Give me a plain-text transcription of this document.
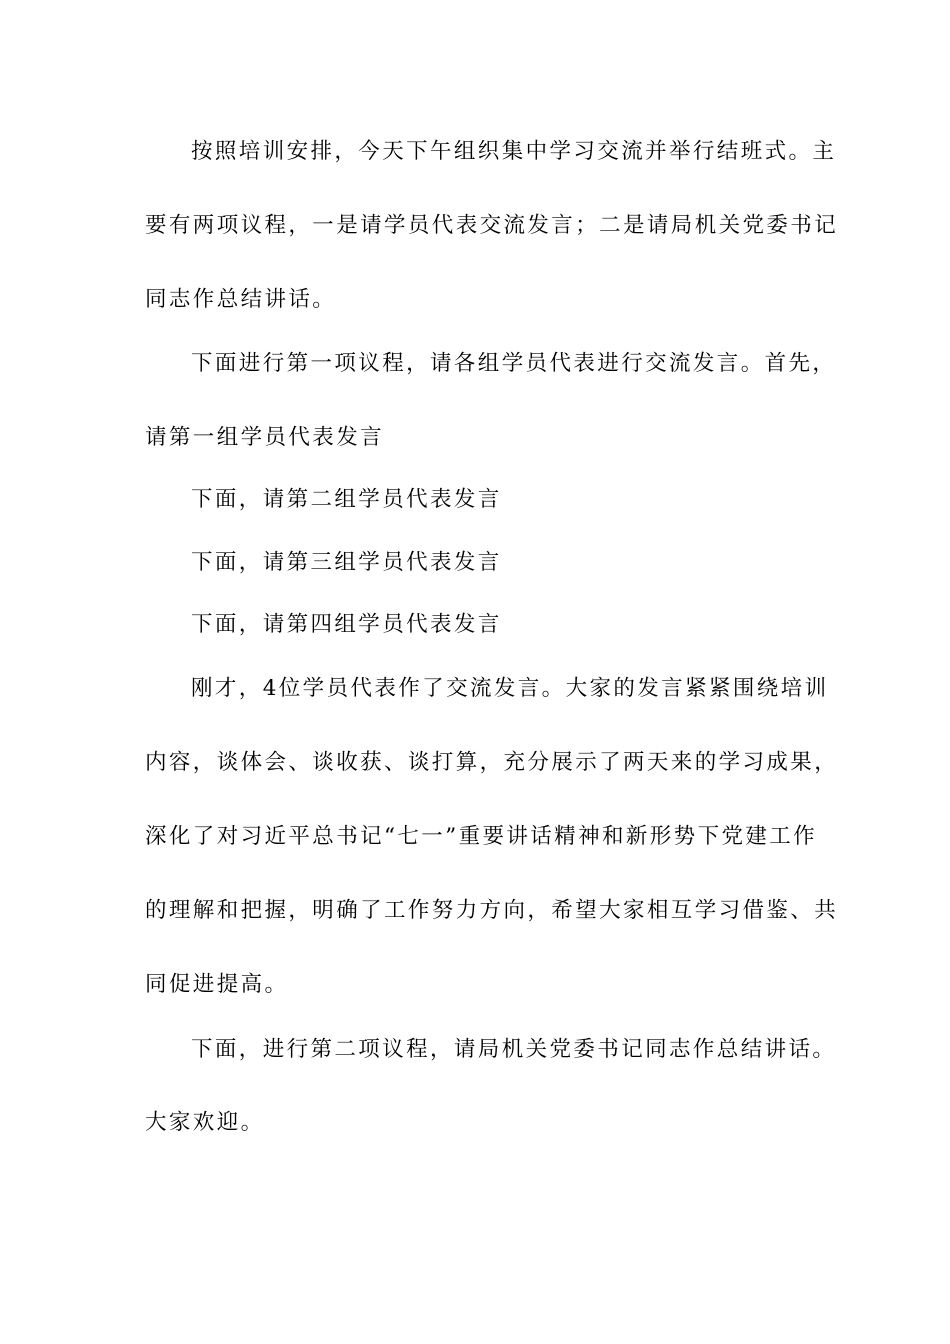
按照培训安排，今天下午组织集中学习交流并举行结班式。主
要有两项议程，一是请学员代表交流发言；二是请局机关党委书记
同志作总结讲话。
下面进行第一项议程，请各组学员代表进行交流发言。首先，
请第一组学员代表发言
下面，请第二组学员代表发言
下面，请第三组学员代表发言
下面，请第四组学员代表发言
刚才，4位学员代表作了交流发言。大家的发言紧紧围绕培训
内容，谈体会、谈收获、谈打算，充分展示了两天来的学习成果，
深化了对习近平总书记“七一”重要讲话精神和新形势下党建工作
的理解和把握，明确了工作努力方向，希望大家相互学习借鉴、共
同促进提高。
下面，进行第二项议程，请局机关党委书记同志作总结讲话。
大家欢迎。
